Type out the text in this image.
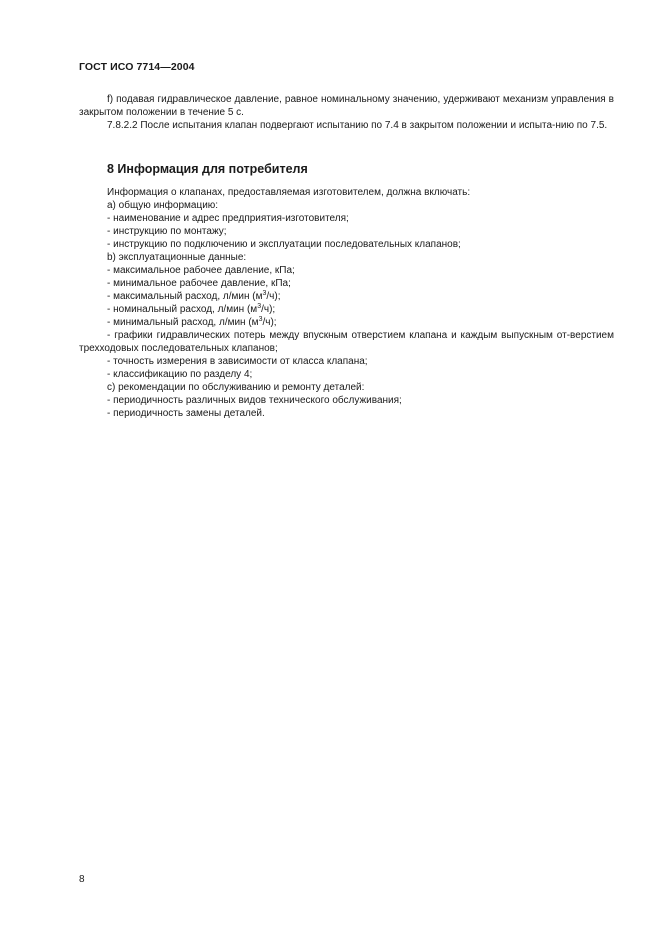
ГОСТ ИСО 7714—2004

f) подавая гидравлическое давление, равное номинальному значению, удерживают механизм управления в закрытом положении в течение 5 с.

7.8.2.2 После испытания клапан подвергают испытанию по 7.4 в закрытом положении и испыта-нию по 7.5.

8 Информация для потребителя

Информация о клапанах, предоставляемая изготовителем, должна включать:

а) общую информацию:

- наименование и адрес предприятия-изготовителя;

- инструкцию по монтажу;

- инструкцию по подключению и эксплуатации последовательных клапанов;

b) эксплуатационные данные:

- максимальное рабочее давление, кПа;

- минимальное рабочее давление, кПа;

- максимальный расход, л/мин $(м^3/ч)$;

- номинальный расход, л/мин $(м^3/ч)$;

- минимальный расход, л/мин $(м^3/ч)$;

- графики гидравлических потерь между впускным отверстием клапана и каждым выпускным от-верстием трехходовых последовательных клапанов;

- точность измерения в зависимости от класса клапана;

- классификацию по разделу 4;

с) рекомендации по обслуживанию и ремонту деталей:

- периодичность различных видов технического обслуживания;

- периодичность замены деталей.

8
